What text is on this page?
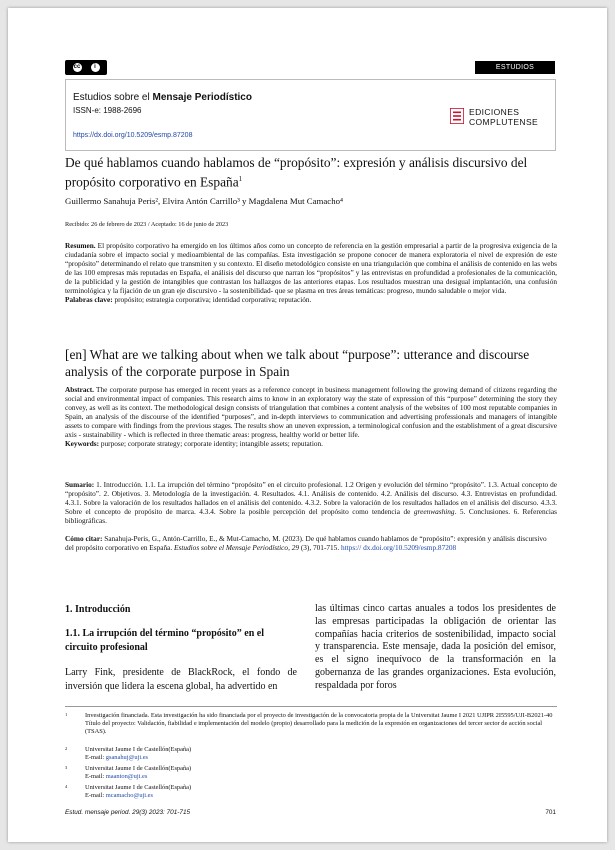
cc	i	ESTUDIOS
Estudios sobre el Mensaje Periodístico
ISSN-e: 1988-2696
https://dx.doi.org/10.5209/esmp.87208
EDICIONES
COMPLUTENSE
De qué hablamos cuando hablamos de “propósito”: expresión y análisis discursivo del propósito corporativo en España$^1$
Guillermo Sanahuja Peris², Elvira Antón Carrillo³ y Magdalena Mut Camacho⁴
Recibido: 26 de febrero de 2023 / Aceptado: 16 de junio de 2023
Resumen. El propósito corporativo ha emergido en los últimos años como un concepto de referencia en la gestión empresarial a partir de la progresiva exigencia de la ciudadanía sobre el impacto social y medioambiental de las compañías. Esta investigación se propone conocer de manera exploratoria el nivel de expresión de este “propósito” determinando el relato que transmiten y su contexto. El diseño metodológico consiste en una triangulación que combina el análisis de contenido en las webs de las 100 empresas más reputadas en España, el análisis del discurso que narran los “propósitos” y las entrevistas en profundidad a profesionales de la comunicación, de la publicidad y la gestión de intangibles que contrastan los hallazgos de las anteriores etapas. Los resultados muestran una desigual implantación, una confusión terminológica y la fijación de un gran eje discursivo - la sostenibilidad- que se plasma en tres áreas temáticas: progreso, mundo saludable o mejor vida.
Palabras clave: propósito; estrategia corporativa; identidad corporativa; reputación.
[en] What are we talking about when we talk about “purpose”: utterance and discourse analysis of the corporate purpose in Spain
Abstract. The corporate purpose has emerged in recent years as a reference concept in business management following the growing demand of citizens regarding the social and environmental impact of companies. This research aims to know in an exploratory way the state of expression of this “purpose” determining the story they convey, as well as its context. The methodological design consists of triangulation that combines a content analysis of the websites of 100 most reputable companies in Spain, an analysis of the discourse of the identified “purposes”, and in-depth interviews to communication and advertising professionals and managers of intangible assets to compare with findings from the previous stages. The results show an uneven expression, a terminological confusion and the establishment of a great discursive axis - sustainability - which is reflected in three thematic areas: progress, healthy world or better life.
Keywords: purpose; corporate strategy; corporate identity; intangible assets; reputation.
Sumario: 1. Introducción. 1.1. La irrupción del término “propósito” en el circuito profesional. 1.2 Origen y evolución del término “propósito”. 1.3. Actual concepto de “propósito”. 2. Objetivos. 3. Metodología de la investigación. 4. Resultados. 4.1. Análisis de contenido. 4.2. Análisis del discurso. 4.3. Entrevistas en profundidad. 4.3.1. Sobre la valoración de los resultados hallados en el análisis del contenido. 4.3.2. Sobre la valoración de los resultados hallados en el análisis del discurso. 4.3.3. Sobre el concepto de propósito de marca. 4.3.4. Sobre la posible percepción del propósito como tendencia de greenwashing. 5. Conclusiones. 6. Referencias bibliográficas.
Cómo citar: Sanahuja-Peris, G., Antón-Carrillo, E., & Mut-Camacho, M. (2023). De qué hablamos cuando hablamos de “propósito”: expresión y análisis discursivo del propósito corporativo en España. Estudios sobre el Mensaje Periodístico, 29 (3), 701-715. https:// dx.doi.org/10.5209/esmp.87208
1. Introducción
1.1. La irrupción del término “propósito” en el circuito profesional
Larry Fink, presidente de BlackRock, el fondo de inversión que lidera la escena global, ha advertido en
las últimas cinco cartas anuales a todos los presidentes de las empresas participadas la obligación de orientar las compañías hacia criterios de sostenibilidad, impacto social y transparencia. Este mensaje, dada la posición del emisor, es el signo inequívoco de la transformación en la gobernanza de las grandes organizaciones. Esta evolución, respaldada por foros
1	Investigación financiada. Esta investigación ha sido financiada por el proyecto de investigación de la convocatoria propia de la Universitat Jaume I 2021 UJIPR 2I5595/UJI-B2021-40 Título del proyecto: Validación, fiabilidad e implementación del modelo (propio) desarrollado para la medición de la expresión en organizaciones del tercer sector de acción social (TSAS).
2	Universitat Jaume I de Castellón(España)
E-mail: gsanahuj@uji.es
3	Universitat Jaume I de Castellón(España)
E-mail: maanton@uji.es
4	Universitat Jaume I de Castellón(España)
E-mail: mcamacho@uji.es
Estud. mensaje period. 29(3) 2023: 701-715	701
